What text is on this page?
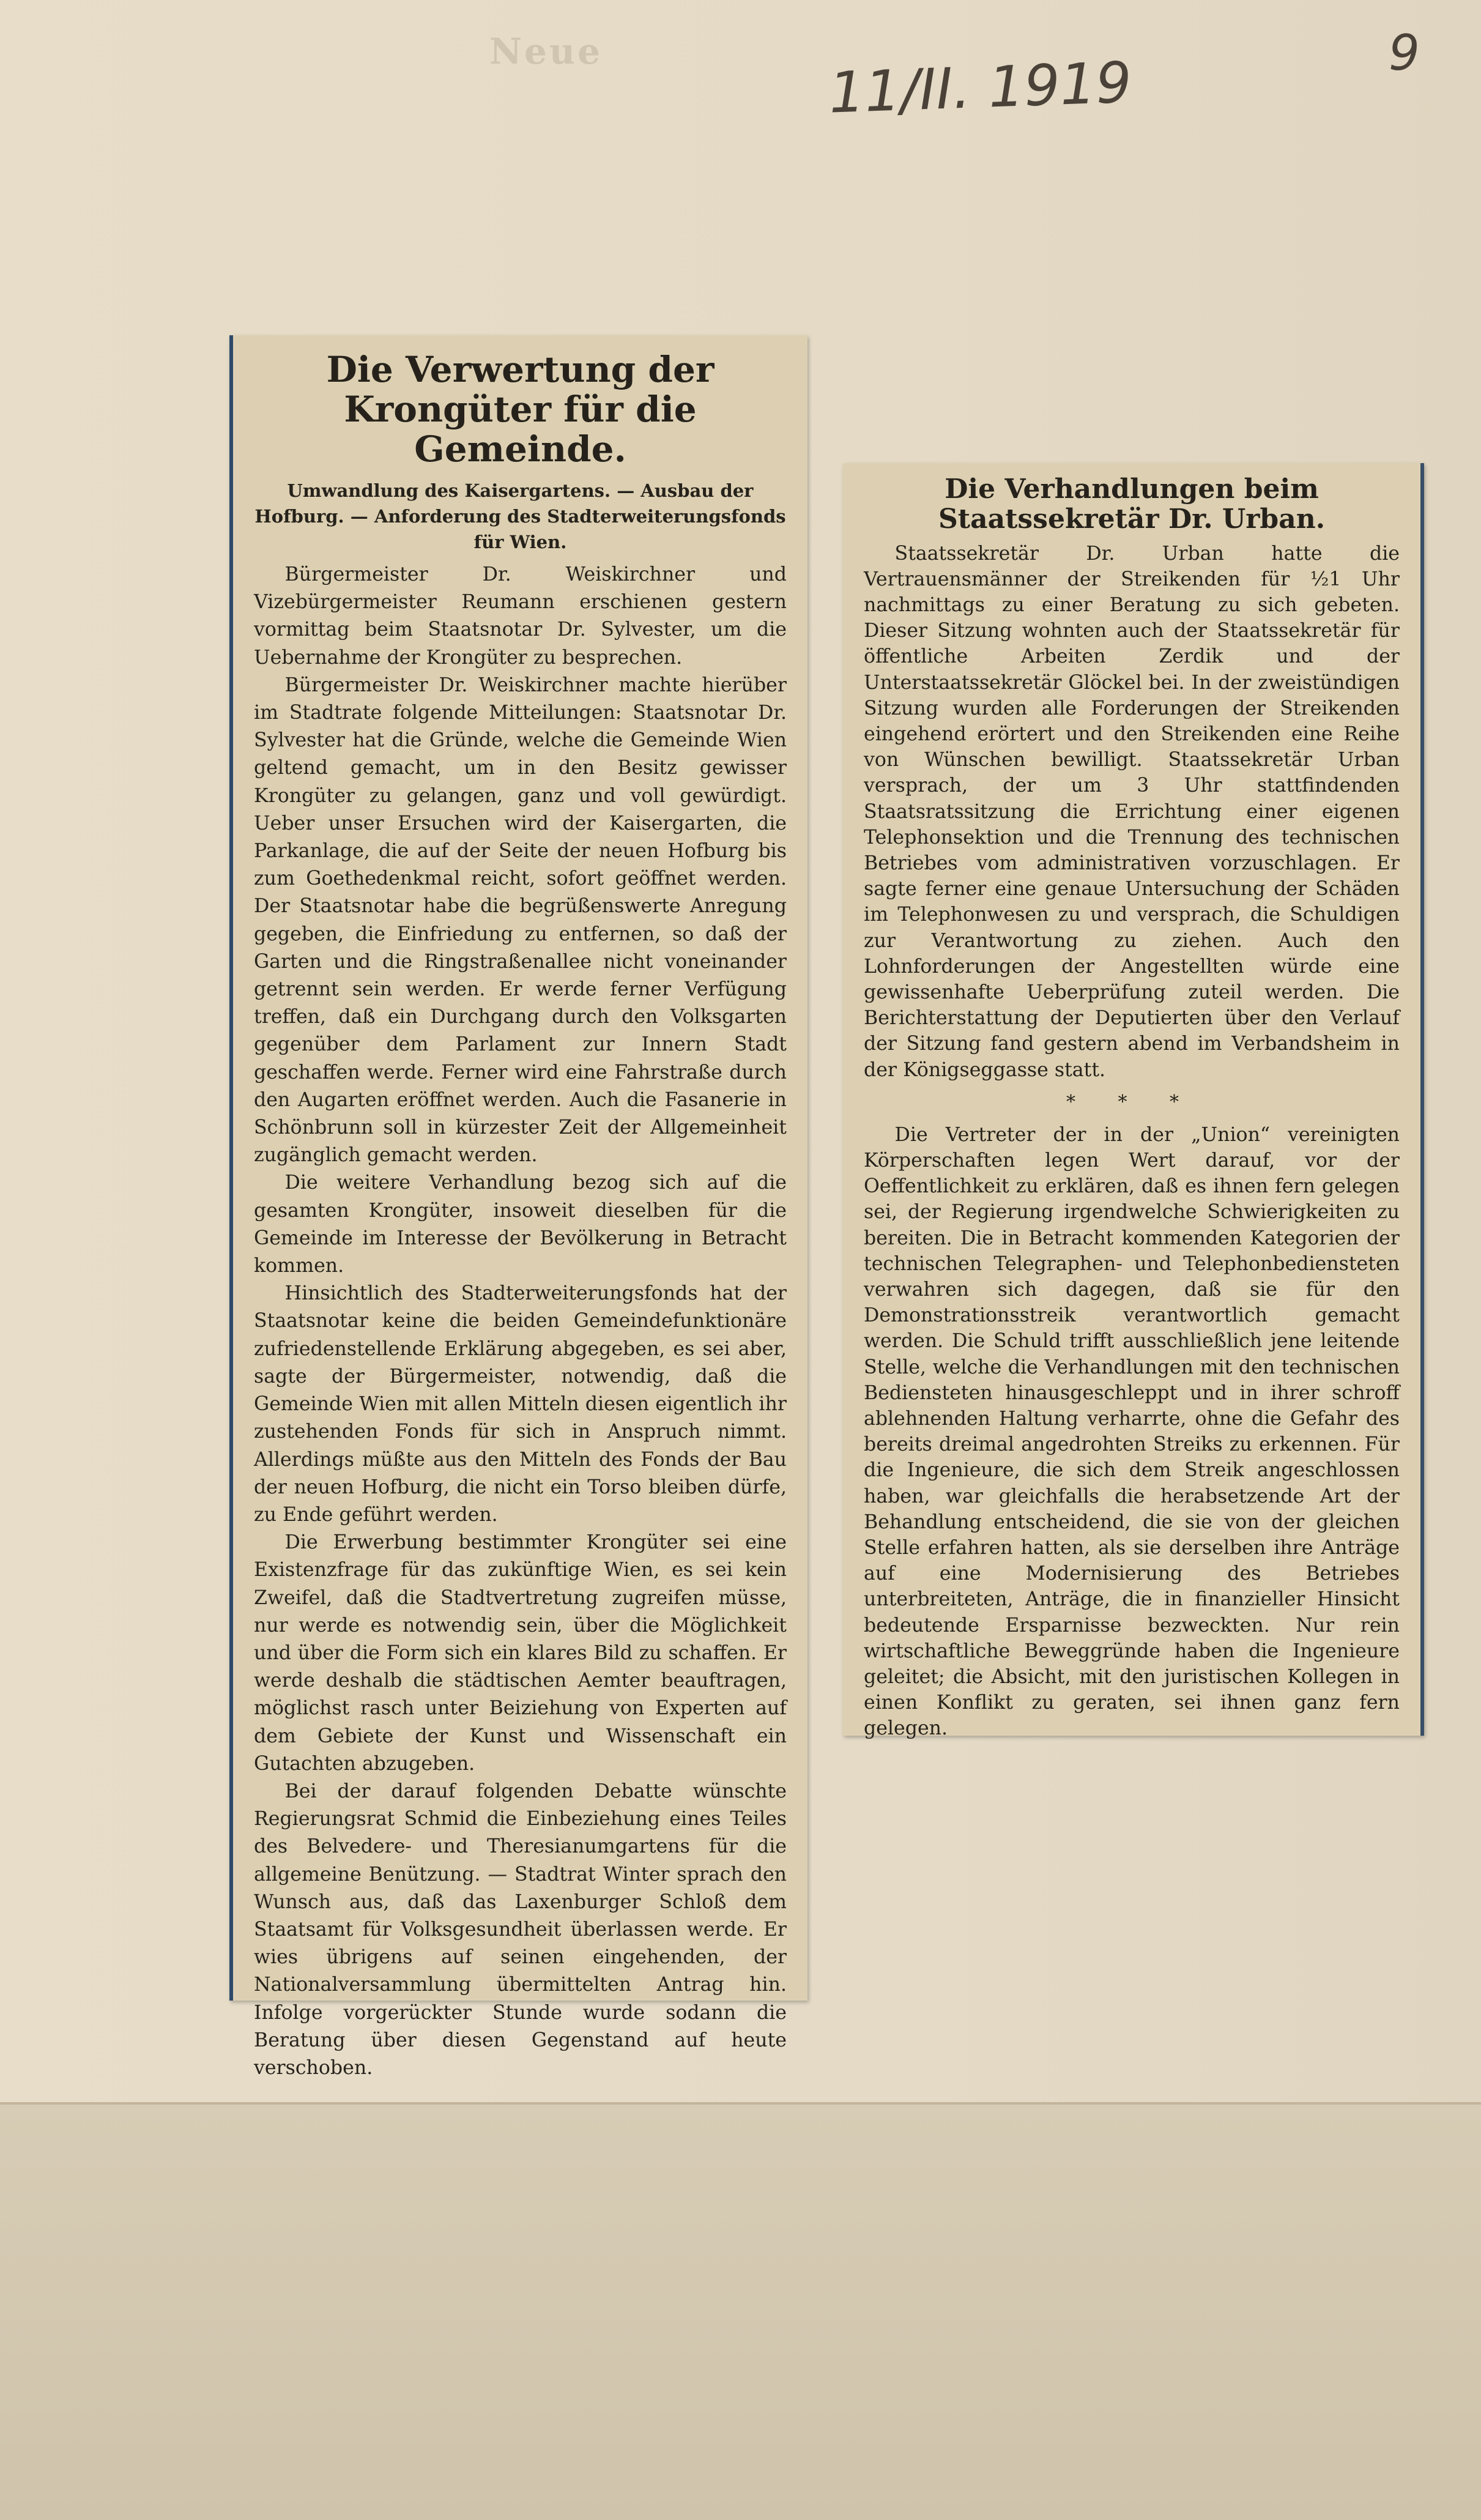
Neue	11/II. 1919	9
Die Verwertung der Krongüter für die Gemeinde.
Umwandlung des Kaisergartens. — Ausbau der Hofburg. — Anforderung des Stadterweiterungsfonds für Wien.

Bürgermeister Dr. Weiskirchner und Vizebürgermeister Reumann erschienen gestern vormittag beim Staatsnotar Dr. Sylvester, um die Uebernahme der Krongüter zu besprechen.

Bürgermeister Dr. Weiskirchner machte hierüber im Stadtrate folgende Mitteilungen: Staatsnotar Dr. Sylvester hat die Gründe, welche die Gemeinde Wien geltend gemacht, um in den Besitz gewisser Krongüter zu gelangen, ganz und voll gewürdigt. Ueber unser Ersuchen wird der Kaisergarten, die Parkanlage, die auf der Seite der neuen Hofburg bis zum Goethedenkmal reicht, sofort geöffnet werden. Der Staatsnotar habe die begrüßenswerte Anregung gegeben, die Einfriedung zu entfernen, so daß der Garten und die Ringstraßenallee nicht voneinander getrennt sein werden. Er werde ferner Verfügung treffen, daß ein Durchgang durch den Volksgarten gegenüber dem Parlament zur Innern Stadt geschaffen werde. Ferner wird eine Fahrstraße durch den Augarten eröffnet werden. Auch die Fasanerie in Schönbrunn soll in kürzester Zeit der Allgemeinheit zugänglich gemacht werden.

Die weitere Verhandlung bezog sich auf die gesamten Krongüter, insoweit dieselben für die Gemeinde im Interesse der Bevölkerung in Betracht kommen.

Hinsichtlich des Stadterweiterungsfonds hat der Staatsnotar keine die beiden Gemeindefunktionäre zufriedenstellende Erklärung abgegeben, es sei aber, sagte der Bürgermeister, notwendig, daß die Gemeinde Wien mit allen Mitteln diesen eigentlich ihr zustehenden Fonds für sich in Anspruch nimmt. Allerdings müßte aus den Mitteln des Fonds der Bau der neuen Hofburg, die nicht ein Torso bleiben dürfe, zu Ende geführt werden.

Die Erwerbung bestimmter Krongüter sei eine Existenzfrage für das zukünftige Wien, es sei kein Zweifel, daß die Stadtvertretung zugreifen müsse, nur werde es notwendig sein, über die Möglichkeit und über die Form sich ein klares Bild zu schaffen. Er werde deshalb die städtischen Aemter beauftragen, möglichst rasch unter Beiziehung von Experten auf dem Gebiete der Kunst und Wissenschaft ein Gutachten abzugeben.

Bei der darauf folgenden Debatte wünschte Regierungsrat Schmid die Einbeziehung eines Teiles des Belvedere- und Theresianumgartens für die allgemeine Benützung. — Stadtrat Winter sprach den Wunsch aus, daß das Laxenburger Schloß dem Staatsamt für Volksgesundheit überlassen werde. Er wies übrigens auf seinen eingehenden, der Nationalversammlung übermittelten Antrag hin. Infolge vorgerückter Stunde wurde sodann die Beratung über diesen Gegenstand auf heute verschoben.

Die Verhandlungen beim Staatssekretär Dr. Urban.

Staatssekretär Dr. Urban hatte die Vertrauensmänner der Streikenden für ½1 Uhr nachmittags zu einer Beratung zu sich gebeten. Dieser Sitzung wohnten auch der Staatssekretär für öffentliche Arbeiten Zerdik und der Unterstaatssekretär Glöckel bei. In der zweistündigen Sitzung wurden alle Forderungen der Streikenden eingehend erörtert und den Streikenden eine Reihe von Wünschen bewilligt. Staatssekretär Urban versprach, der um 3 Uhr stattfindenden Staatsratssitzung die Errichtung einer eigenen Telephonsektion und die Trennung des technischen Betriebes vom administrativen vorzuschlagen. Er sagte ferner eine genaue Untersuchung der Schäden im Telephonwesen zu und versprach, die Schuldigen zur Verantwortung zu ziehen. Auch den Lohnforderungen der Angestellten würde eine gewissenhafte Ueberprüfung zuteil werden. Die Berichterstattung der Deputierten über den Verlauf der Sitzung fand gestern abend im Verbandsheim in der Königseggasse statt.

* * *

Die Vertreter der in der „Union“ vereinigten Körperschaften legen Wert darauf, vor der Oeffentlichkeit zu erklären, daß es ihnen fern gelegen sei, der Regierung irgendwelche Schwierigkeiten zu bereiten. Die in Betracht kommenden Kategorien der technischen Telegraphen- und Telephonbediensteten verwahren sich dagegen, daß sie für den Demonstrationsstreik verantwortlich gemacht werden. Die Schuld trifft ausschließlich jene leitende Stelle, welche die Verhandlungen mit den technischen Bediensteten hinausgeschleppt und in ihrer schroff ablehnenden Haltung verharrte, ohne die Gefahr des bereits dreimal angedrohten Streiks zu erkennen. Für die Ingenieure, die sich dem Streik angeschlossen haben, war gleichfalls die herabsetzende Art der Behandlung entscheidend, die sie von der gleichen Stelle erfahren hatten, als sie derselben ihre Anträge auf eine Modernisierung des Betriebes unterbreiteten, Anträge, die in finanzieller Hinsicht bedeutende Ersparnisse bezweckten. Nur rein wirtschaftliche Beweggründe haben die Ingenieure geleitet; die Absicht, mit den juristischen Kollegen in einen Konflikt zu geraten, sei ihnen ganz fern gelegen.
